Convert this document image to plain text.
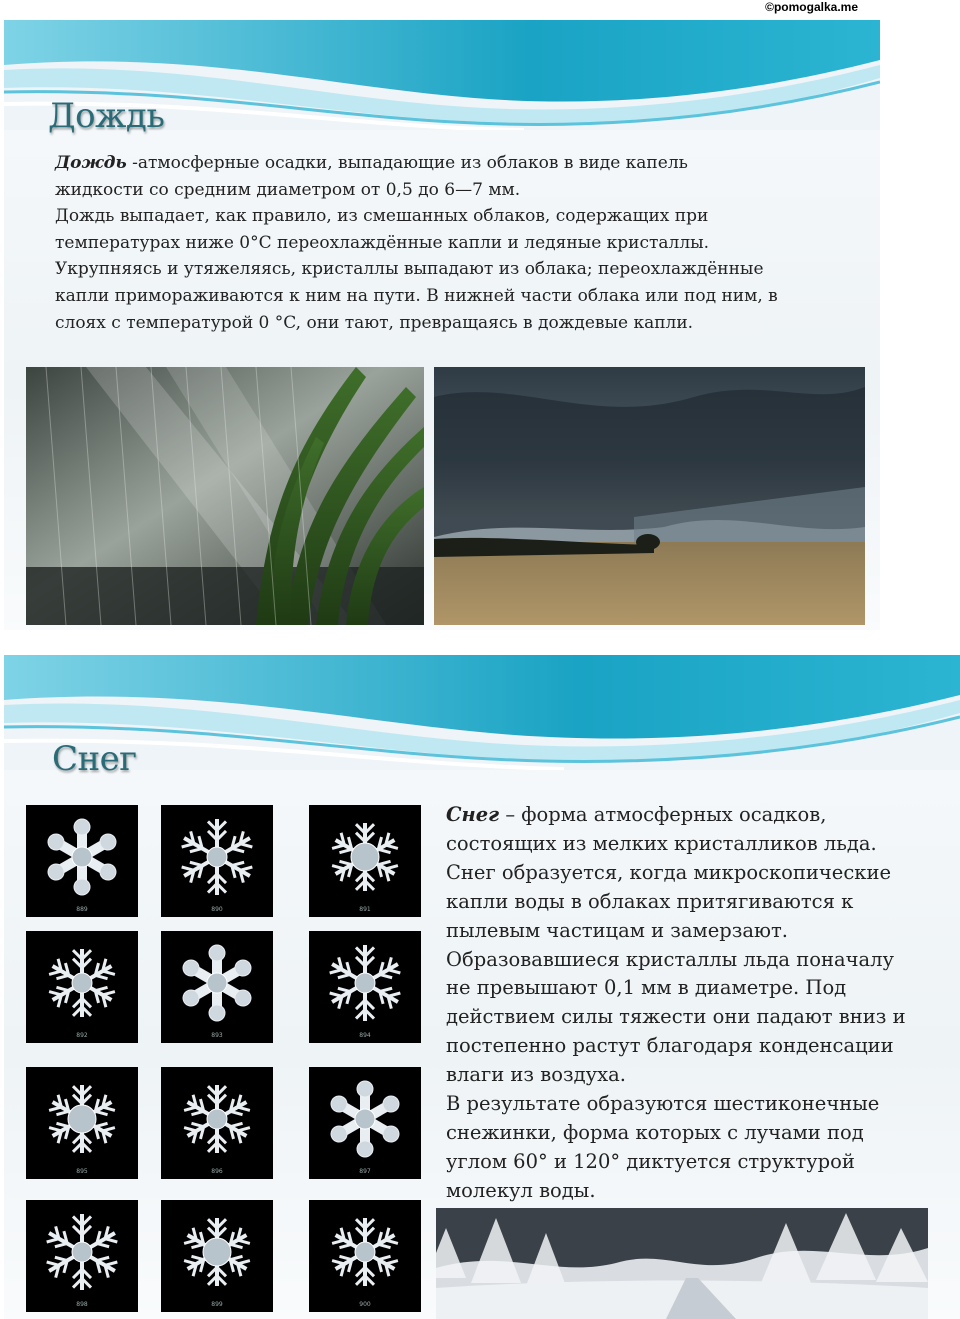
©pomogalka.me
Дождь
Дождь -атмосферные осадки, выпадающие из облаков в виде капель
жидкости со средним диаметром от 0,5 до 6—7 мм.
Дождь выпадает, как правило, из смешанных облаков, содержащих при
температурах ниже 0°C переохлаждённые капли и ледяные кристаллы.
Укрупняясь и утяжеляясь, кристаллы выпадают из облака; переохлаждённые
капли примораживаются к ним на пути. В нижней части облака или под ним, в
слоях с температурой 0 °C, они тают, превращаясь в дождевые капли.
Снег
889	890	891
892	893	894
895	896	897
898	899	900
Снег – форма атмосферных осадков,
состоящих из мелких кристалликов льда.
Снег образуется, когда микроскопические
капли воды в облаках притягиваются к
пылевым частицам и замерзают.
Образовавшиеся кристаллы льда поначалу
не превышают 0,1 мм в диаметре. Под
действием силы тяжести они падают вниз и
постепенно растут благодаря конденсации
влаги из воздуха.
В результате образуются шестиконечные
снежинки, форма которых с лучами под
углом 60° и 120° диктуется структурой
молекул воды.
